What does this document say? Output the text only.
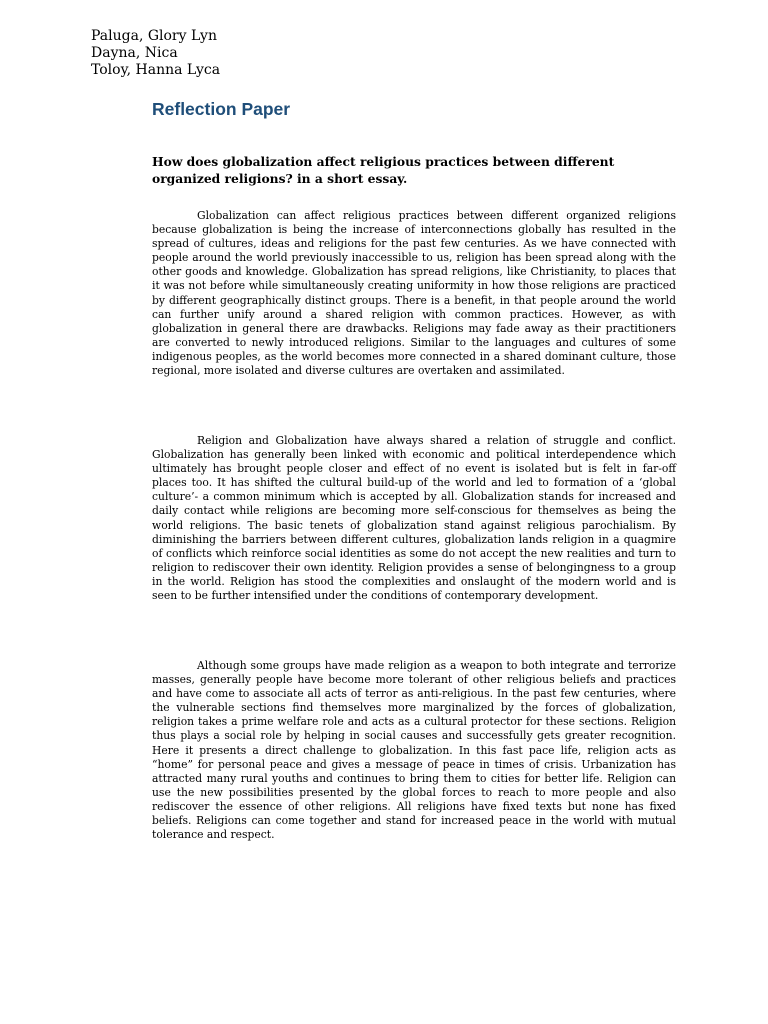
Paluga, Glory Lyn
Dayna, Nica
Toloy, Hanna Lyca
Reflection Paper
How does globalization affect religious practices between different organized religions? in a short essay.

Globalization can affect religious practices between different organized religions because globalization is being the increase of interconnections globally has resulted in the spread of cultures, ideas and religions for the past few centuries. As we have connected with people around the world previously inaccessible to us, religion has been spread along with the other goods and knowledge. Globalization has spread religions, like Christianity, to places that it was not before while simultaneously creating uniformity in how those religions are practiced by different geographically distinct groups. There is a benefit, in that people around the world can further unify around a shared religion with common practices. However, as with globalization in general there are drawbacks. Religions may fade away as their practitioners are converted to newly introduced religions. Similar to the languages and cultures of some indigenous peoples, as the world becomes more connected in a shared dominant culture, those regional, more isolated and diverse cultures are overtaken and assimilated.

Religion and Globalization have always shared a relation of struggle and conflict. Globalization has generally been linked with economic and political interdependence which ultimately has brought people closer and effect of no event is isolated but is felt in far-off places too. It has shifted the cultural build-up of the world and led to formation of a ‘global culture’- a common minimum which is accepted by all. Globalization stands for increased and daily contact while religions are becoming more self-conscious for themselves as being the world religions. The basic tenets of globalization stand against religious parochialism. By diminishing the barriers between different cultures, globalization lands religion in a quagmire of conflicts which reinforce social identities as some do not accept the new realities and turn to religion to rediscover their own identity. Religion provides a sense of belongingness to a group in the world. Religion has stood the complexities and onslaught of the modern world and is seen to be further intensified under the conditions of contemporary development.

Although some groups have made religion as a weapon to both integrate and terrorize masses, generally people have become more tolerant of other religious beliefs and practices and have come to associate all acts of terror as anti-religious. In the past few centuries, where the vulnerable sections find themselves more marginalized by the forces of globalization, religion takes a prime welfare role and acts as a cultural protector for these sections. Religion thus plays a social role by helping in social causes and successfully gets greater recognition. Here it presents a direct challenge to globalization. In this fast pace life, religion acts as “home” for personal peace and gives a message of peace in times of crisis. Urbanization has attracted many rural youths and continues to bring them to cities for better life. Religion can use the new possibilities presented by the global forces to reach to more people and also rediscover the essence of other religions. All religions have fixed texts but none has fixed beliefs. Religions can come together and stand for increased peace in the world with mutual tolerance and respect.
